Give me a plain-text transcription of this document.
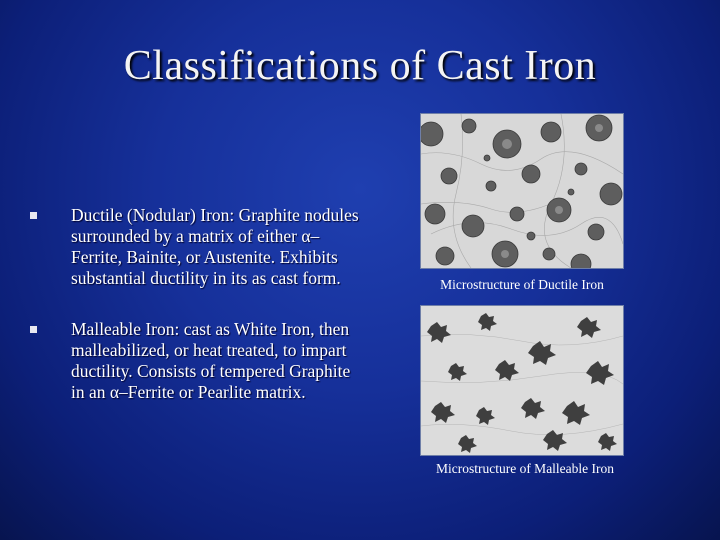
Classifications of Cast Iron
Ductile (Nodular) Iron: Graphite nodules surrounded by a matrix of either α–Ferrite, Bainite, or Austenite. Exhibits substantial ductility in its as cast form.
Malleable Iron: cast as White Iron, then malleabilized, or heat treated, to impart ductility. Consists of tempered Graphite in an α–Ferrite or Pearlite matrix.
Microstructure of Ductile Iron
Microstructure of Malleable Iron
